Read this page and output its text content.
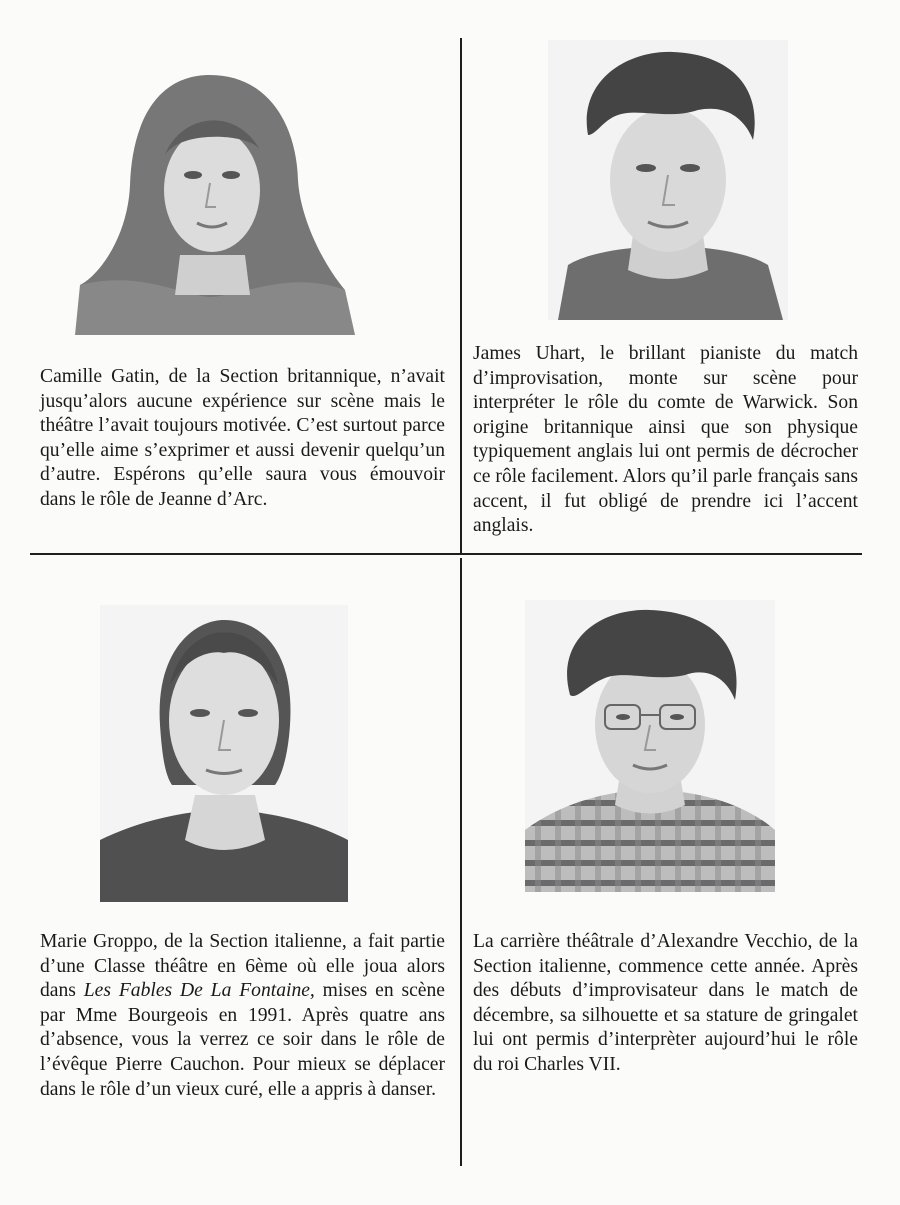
Camille Gatin, de la Section britannique, n’avait jusqu’alors aucune expérience sur scène mais le théâtre l’avait toujours motivée. C’est surtout parce qu’elle aime s’exprimer et aussi devenir quelqu’un d’autre. Espérons qu’elle saura vous émouvoir dans le rôle de Jeanne d’Arc.

James Uhart, le brillant pianiste du match d’improvisation, monte sur scène pour interpréter le rôle du comte de Warwick. Son origine britannique ainsi que son physique typiquement anglais lui ont permis de décrocher ce rôle facilement. Alors qu’il parle français sans accent, il fut obligé de prendre ici l’accent anglais.

Marie Groppo, de la Section italienne, a fait partie d’une Classe théâtre en 6ème où elle joua alors dans Les Fables De La Fontaine, mises en scène par Mme Bourgeois en 1991. Après quatre ans d’absence, vous la verrez ce soir dans le rôle de l’évêque Pierre Cauchon. Pour mieux se déplacer dans le rôle d’un vieux curé, elle a appris à danser.

La carrière théâtrale d’Alexandre Vecchio, de la Section italienne, commence cette année. Après des débuts d’improvisateur dans le match de décembre, sa silhouette et sa stature de gringalet lui ont permis d’interprèter aujourd’hui le rôle du roi Charles VII.
